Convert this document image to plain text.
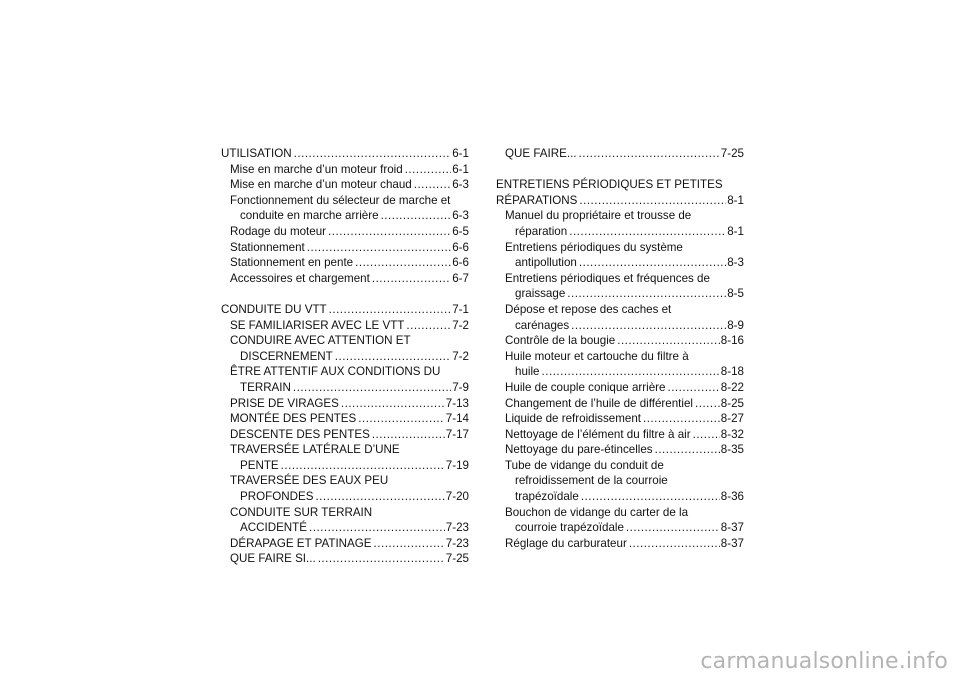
UTILISATION .....	6-1
Mise en marche d’un moteur froid .....	6-1
Mise en marche d’un moteur chaud .....	6-3
Fonctionnement du sélecteur de marche et
conduite en marche arrière .....	6-3
Rodage du moteur .....	6-5
Stationnement .....	6-6
Stationnement en pente .....	6-6
Accessoires et chargement .....	6-7
CONDUITE DU VTT .....	7-1
SE FAMILIARISER AVEC LE VTT .....	7-2
CONDUIRE AVEC ATTENTION ET
DISCERNEMENT .....	7-2
ÊTRE ATTENTIF AUX CONDITIONS DU
TERRAIN .....	7-9
PRISE DE VIRAGES .....	7-13
MONTÉE DES PENTES .....	7-14
DESCENTE DES PENTES .....	7-17
TRAVERSÉE LATÉRALE D’UNE
PENTE .....	7-19
TRAVERSÉE DES EAUX PEU
PROFONDES .....	7-20
CONDUITE SUR TERRAIN
ACCIDENTÉ .....	7-23
DÉRAPAGE ET PATINAGE .....	7-23
QUE FAIRE SI... .....	7-25
QUE FAIRE... .....	7-25
ENTRETIENS PÉRIODIQUES ET PETITES
RÉPARATIONS .....	8-1
Manuel du propriétaire et trousse de
réparation .....	8-1
Entretiens périodiques du système
antipollution .....	8-3
Entretiens périodiques et fréquences de
graissage .....	8-5
Dépose et repose des caches et
carénages .....	8-9
Contrôle de la bougie .....	8-16
Huile moteur et cartouche du filtre à
huile .....	8-18
Huile de couple conique arrière .....	8-22
Changement de l’huile de différentiel ..... 8-25
Liquide de refroidissement .....	8-27
Nettoyage de l’élément du filtre à air .....	8-32
Nettoyage du pare-étincelles .....	8-35
Tube de vidange du conduit de
refroidissement de la courroie
trapézoïdale .....	8-36
Bouchon de vidange du carter de la
courroie trapézoïdale .....	8-37
Réglage du carburateur .....	8-37
carmanualsonline.info
